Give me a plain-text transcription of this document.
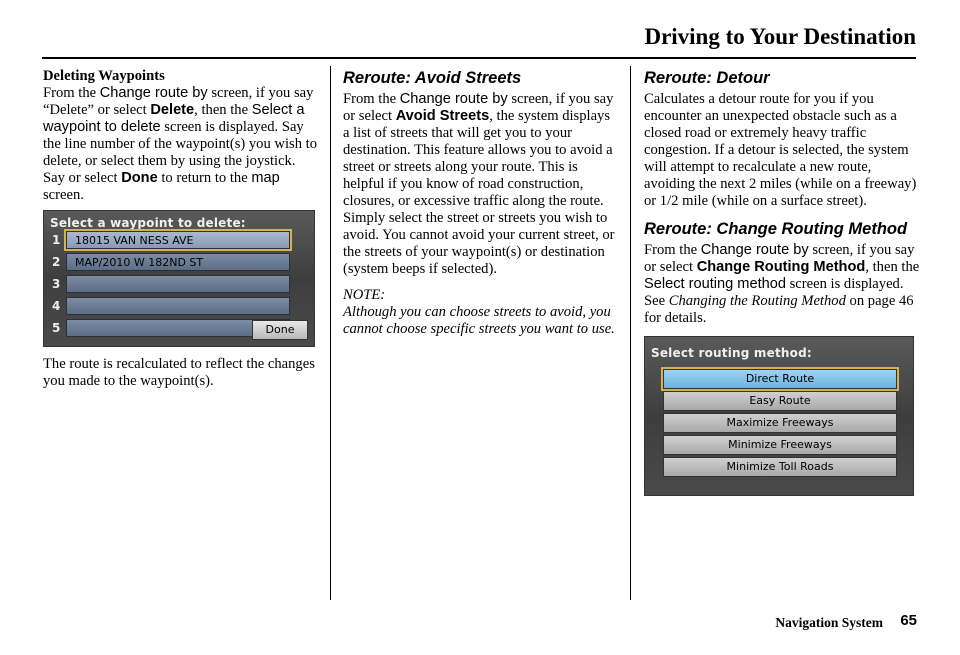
Driving to Your Destination

Deleting Waypoints

From the Change route by screen, if you say “Delete” or select Delete, then the Select a waypoint to delete screen is displayed. Say the line number of the waypoint(s) you wish to delete, or select them by using the joystick. Say or select Done to return to the map screen.

Select a waypoint to delete:
1	18015 VAN NESS AVE
2	MAP/2010 W 182ND ST
3
4
5	Done

The route is recalculated to reflect the changes you made to the waypoint(s).

Reroute: Avoid Streets

From the Change route by screen, if you say or select Avoid Streets, the system displays a list of streets that will get you to your destination. This feature allows you to avoid a street or streets along your route. This is helpful if you know of road construction, closures, or excessive traffic along the route. Simply select the street or streets you wish to avoid. You cannot avoid your current street, or the streets of your waypoint(s) or destination (system beeps if selected).

NOTE:

Although you can choose streets to avoid, you cannot choose specific streets you want to use.

Reroute: Detour

Calculates a detour route for you if you encounter an unexpected obstacle such as a closed road or extremely heavy traffic congestion. If a detour is selected, the system will attempt to recalculate a new route, avoiding the next 2 miles (while on a freeway) or 1/2 mile (while on a surface street).

Reroute: Change Routing Method

From the Change route by screen, if you say or select Change Routing Method, then the Select routing method screen is displayed. See Changing the Routing Method on page 46 for details.

Select routing method:
Direct Route
Easy Route
Maximize Freeways
Minimize Freeways
Minimize Toll Roads
Navigation System 65
